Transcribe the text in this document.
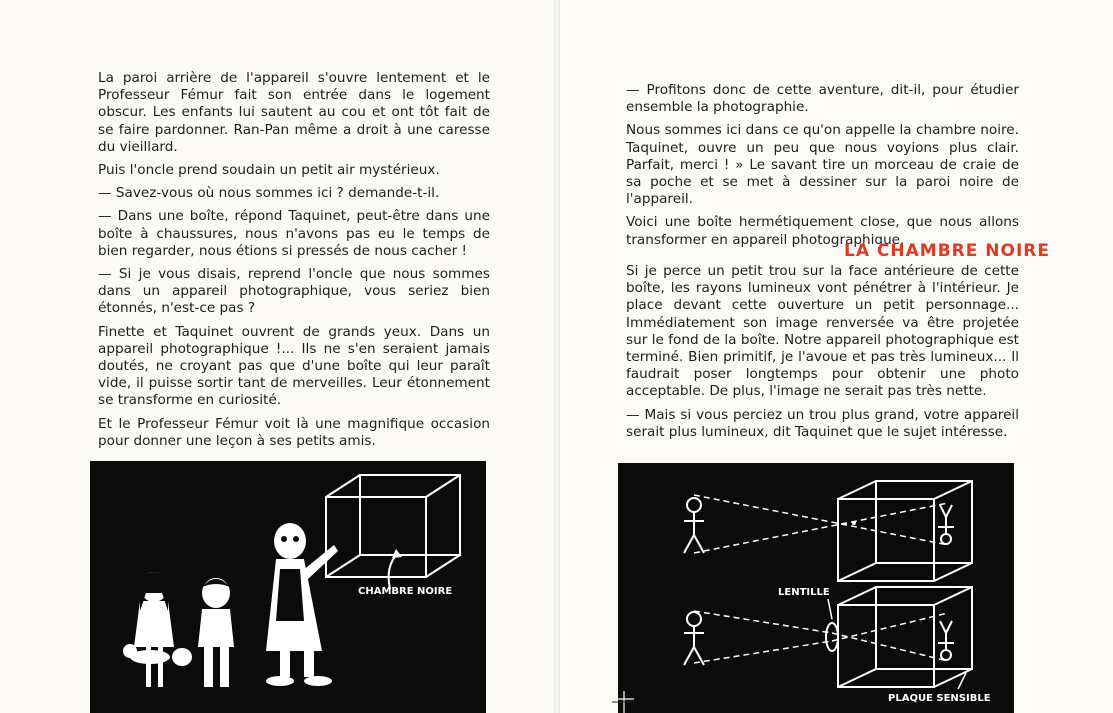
La paroi arrière de l'appareil s'ouvre lentement et le Professeur Fémur fait son entrée dans le logement obscur. Les enfants lui sautent au cou et ont tôt fait de se faire pardonner. Ran-Pan même a droit à une caresse du vieillard.

Puis l'oncle prend soudain un petit air mystérieux.

— Savez-vous où nous sommes ici ? demande-t-il.

— Dans une boîte, répond Taquinet, peut-être dans une boîte à chaussures, nous n'avons pas eu le temps de bien regarder, nous étions si pressés de nous cacher !

— Si je vous disais, reprend l'oncle que nous sommes dans un appareil photographique, vous seriez bien étonnés, n'est-ce pas ?

Finette et Taquinet ouvrent de grands yeux. Dans un appareil photographique !... Ils ne s'en seraient jamais doutés, ne croyant pas que d'une boîte qui leur paraît vide, il puisse sortir tant de merveilles. Leur étonnement se transforme en curiosité.

Et le Professeur Fémur voit là une magnifique occasion pour donner une leçon à ses petits amis.

CHAMBRE NOIRE

— Profitons donc de cette aventure, dit-il, pour étudier ensemble la photographie.

Nous sommes ici dans ce qu'on appelle la chambre noire. Taquinet, ouvre un peu que nous voyions plus clair. Parfait, merci ! » Le savant tire un morceau de craie de sa poche et se met à dessiner sur la paroi noire de l'appareil.

Voici une boîte hermétiquement close, que nous allons transformer en appareil photographique.

LA CHAMBRE NOIRE

Si je perce un petit trou sur la face antérieure de cette boîte, les rayons lumineux vont pénétrer à l'intérieur. Je place devant cette ouverture un petit personnage... Immédiatement son image renversée va être projetée sur le fond de la boîte. Notre appareil photographique est terminé. Bien primitif, je l'avoue et pas très lumineux... Il faudrait poser longtemps pour obtenir une photo acceptable. De plus, l'image ne serait pas très nette.

— Mais si vous perciez un trou plus grand, votre appareil serait plus lumineux, dit Taquinet que le sujet intéresse.

LENTILLE
PLAQUE SENSIBLE
